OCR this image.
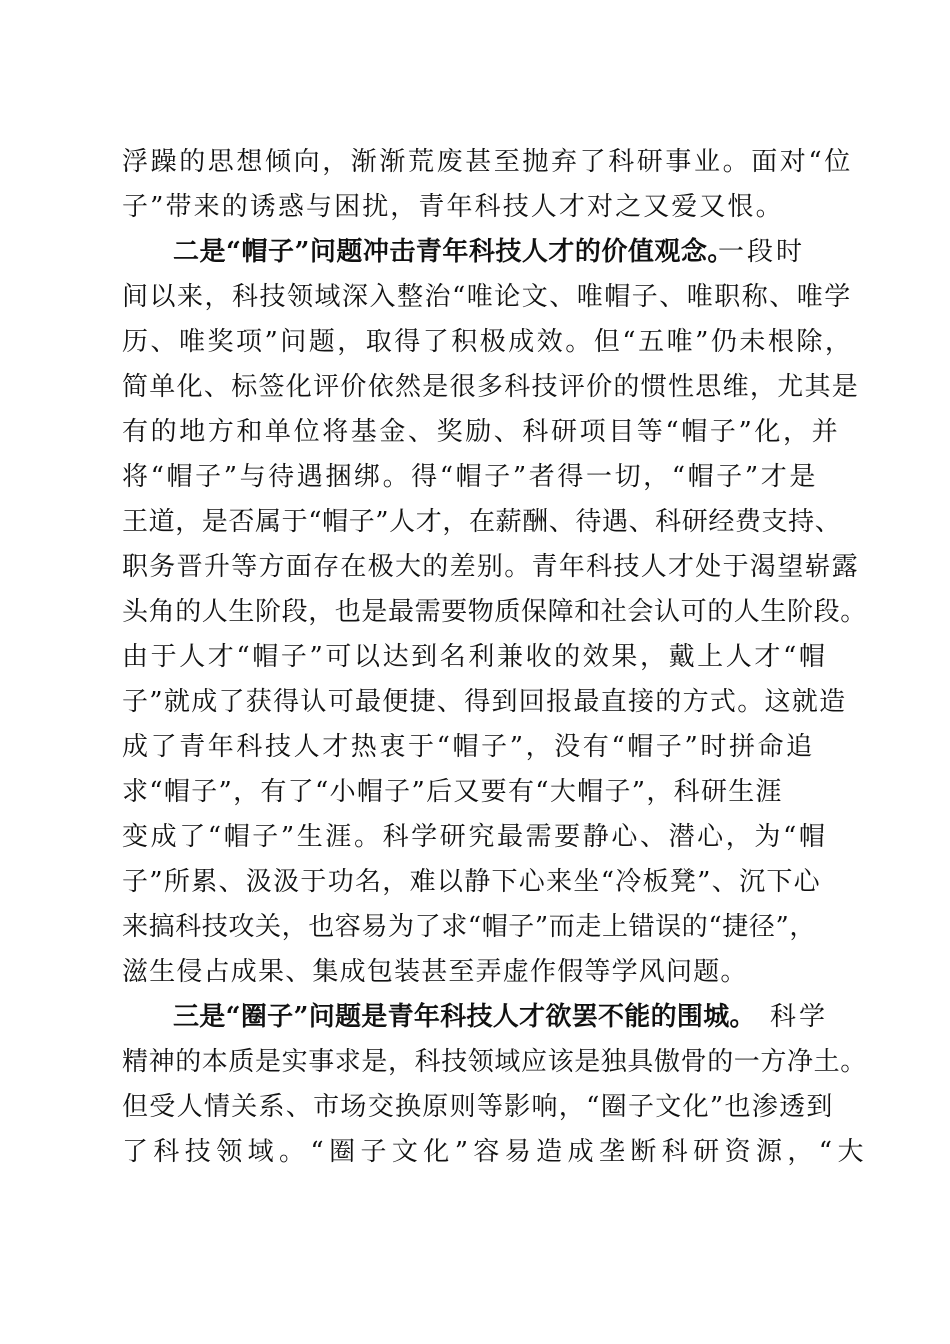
浮躁的思想倾向，渐渐荒废甚至抛弃了科研事业。面对“位
子”带来的诱惑与困扰，青年科技人才对之又爱又恨。
二是“帽子”问题冲击青年科技人才的价值观念。
一段时
间以来，科技领域深入整治“唯论文、唯帽子、唯职称、唯学
历、唯奖项”问题，取得了积极成效。但“五唯”仍未根除，
简单化、标签化评价依然是很多科技评价的惯性思维，尤其是
有的地方和单位将基金、奖励、科研项目等“帽子”化，并
将“帽子”与待遇捆绑。得“帽子”者得一切，“帽子”才是
王道，是否属于“帽子”人才，在薪酬、待遇、科研经费支持、
职务晋升等方面存在极大的差别。青年科技人才处于渴望崭露
头角的人生阶段，也是最需要物质保障和社会认可的人生阶段。
由于人才“帽子”可以达到名利兼收的效果，戴上人才“帽
子”就成了获得认可最便捷、得到回报最直接的方式。这就造
成了青年科技人才热衷于“帽子”，没有“帽子”时拼命追
求“帽子”，有了“小帽子”后又要有“大帽子”，科研生涯
变成了“帽子”生涯。科学研究最需要静心、潜心，为“帽
子”所累、汲汲于功名，难以静下心来坐“冷板凳”、沉下心
来搞科技攻关，也容易为了求“帽子”而走上错误的“捷径”，
滋生侵占成果、集成包装甚至弄虚作假等学风问题。
三是“圈子”问题是青年科技人才欲罢不能的围城。 科学
精神的本质是实事求是，科技领域应该是独具傲骨的一方净土。
但受人情关系、市场交换原则等影响，“圈子文化”也渗透到
了科技领域。“圈子文化”容易造成垄断科研资源，“大
